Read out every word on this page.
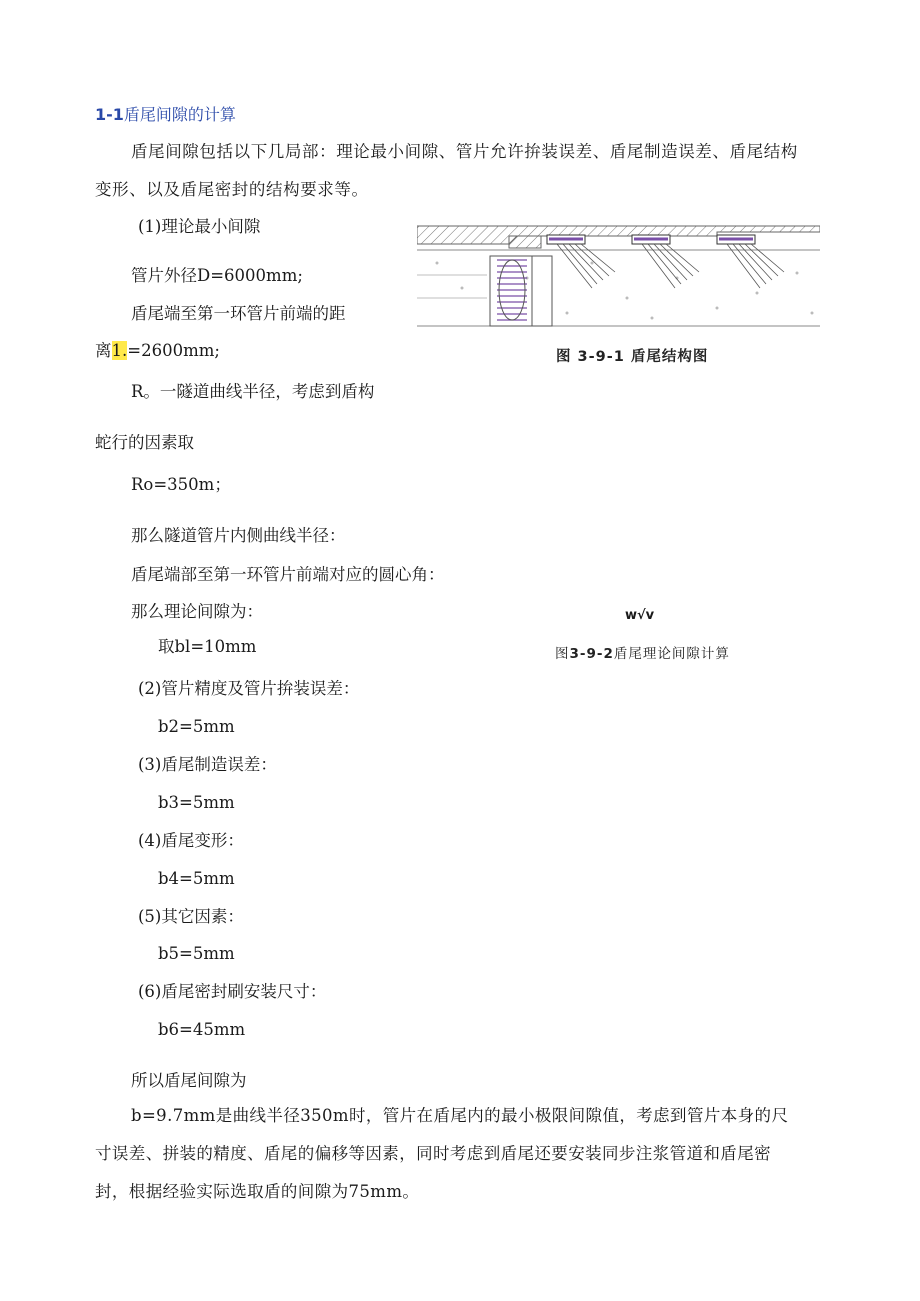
1-1盾尾间隙的计算
盾尾间隙包括以下几局部：理论最小间隙、管片允许拚装误差、盾尾制造误差、盾尾结构变形、以及盾尾密封的结构要求等。
(1)理论最小间隙
管片外径D=6000mm;
盾尾端至第一环管片前端的距
离1.=2600mm;
R。一隧道曲线半径，考虑到盾构
蛇行的因素取
Ro=350m；
那么隧道管片内侧曲线半径：
盾尾端部至第一环管片前端对应的圆心角：
那么理论间隙为：
取bl=10mm
(2)管片精度及管片拚装误差：
b2=5mm
(3)盾尾制造误差：
b3=5mm
(4)盾尾变形：
b4=5mm
(5)其它因素：
b5=5mm
(6)盾尾密封刷安装尺寸：
b6=45mm
所以盾尾间隙为
b=9.7mm是曲线半径350m时，管片在盾尾内的最小极限间隙值，考虑到管片本身的尺寸误差、拼装的精度、盾尾的偏移等因素，同时考虑到盾尾还要安装同步注浆管道和盾尾密封，根据经验实际选取盾的间隙为75mm。
图 3-9-1 盾尾结构图
w√v
图3-9-2盾尾理论间隙计算
